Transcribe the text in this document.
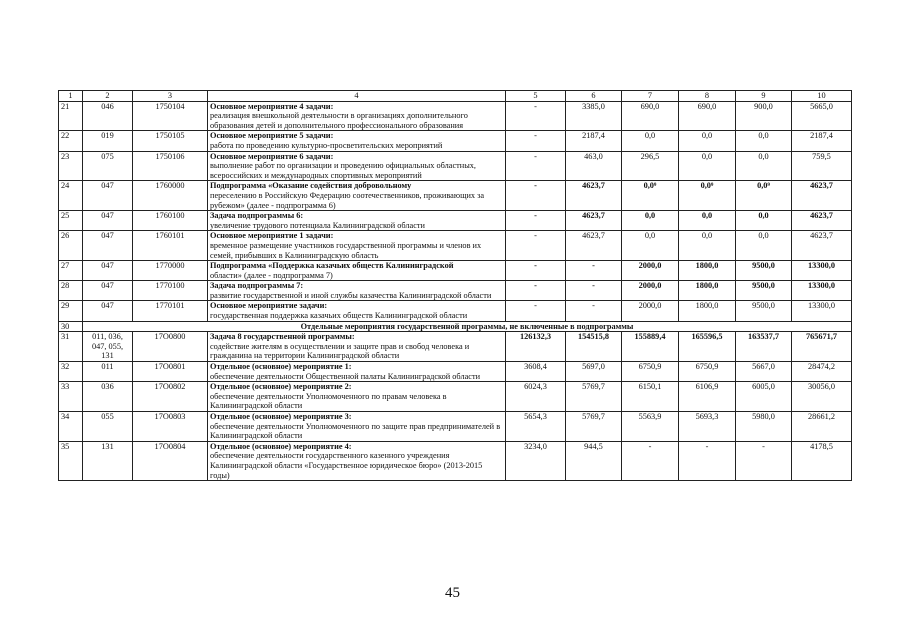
1	2	3	4	5	6	7	8	9	10
21	046	1750104	Основное мероприятие 4 задачи:
реализация внешкольной деятельности в организациях дополнительного образования детей и дополнительного профессионального образования	-	3385,0	690,0	690,0	900,0	5665,0
22	019	1750105	Основное мероприятие 5 задачи:
работа по проведению культурно-просветительских мероприятий	-	2187,4	0,0	0,0	0,0	2187,4
23	075	1750106	Основное мероприятие 6 задачи:
выполнение работ по организации и проведению официальных областных, всероссийских и международных спортивных мероприятий	-	463,0	296,5	0,0	0,0	759,5
24	047	1760000	Подпрограмма «Оказание содействия добровольному
переселению в Российскую Федерацию соотечественников, проживающих за рубежом» (далее - подпрограмма 6)	-	4623,7	0,0⁹	0,0⁹	0,0⁹	4623,7
25	047	1760100	Задача подпрограммы 6:
увеличение трудового потенциала Калининградской области	-	4623,7	0,0	0,0	0,0	4623,7
26	047	1760101	Основное мероприятие 1 задачи:
временное размещение участников государственной программы и членов их семей, прибывших в Калининградскую область	-	4623,7	0,0	0,0	0,0	4623,7
27	047	1770000	Подпрограмма «Поддержка казачьих обществ Калининградской
области» (далее - подпрограмма 7)	-	-	2000,0	1800,0	9500,0	13300,0
28	047	1770100	Задача подпрограммы 7:
развитие государственной и иной службы казачества Калининградской области	-	-	2000,0	1800,0	9500,0	13300,0
29	047	1770101	Основное мероприятие задачи:
государственная поддержка казачьих обществ Калининградской области	-	-	2000,0	1800,0	9500,0	13300,0
30	Отдельные мероприятия государственной программы, не включенные в подпрограммы								
31	011, 036, 047, 055, 131	17О0800	Задача 8 государственной программы:
содействие жителям в осуществлении и защите прав и свобод человека и гражданина на территории Калининградской области	126132,3	154515,8	155889,4	165596,5	163537,7	765671,7
32	011	17О0801	Отдельное (основное) мероприятие 1:
обеспечение деятельности Общественной палаты Калининградской области	3608,4	5697,0	6750,9	6750,9	5667,0	28474,2
33	036	17О0802	Отдельное (основное) мероприятие 2:
обеспечение деятельности Уполномоченного по правам человека в Калининградской области	6024,3	5769,7	6150,1	6106,9	6005,0	30056,0
34	055	17О0803	Отдельное (основное) мероприятие 3:
обеспечение деятельности Уполномоченного по защите прав предпринимателей в Калининградской области	5654,3	5769,7	5563,9	5693,3	5980,0	28661,2
35	131	17О0804	Отдельное (основное) мероприятие 4:
обеспечение деятельности государственного казенного учреждения Калининградской области «Государственное юридическое бюро» (2013-2015 годы)	3234,0	944,5	-	-	-	4178,5
45
